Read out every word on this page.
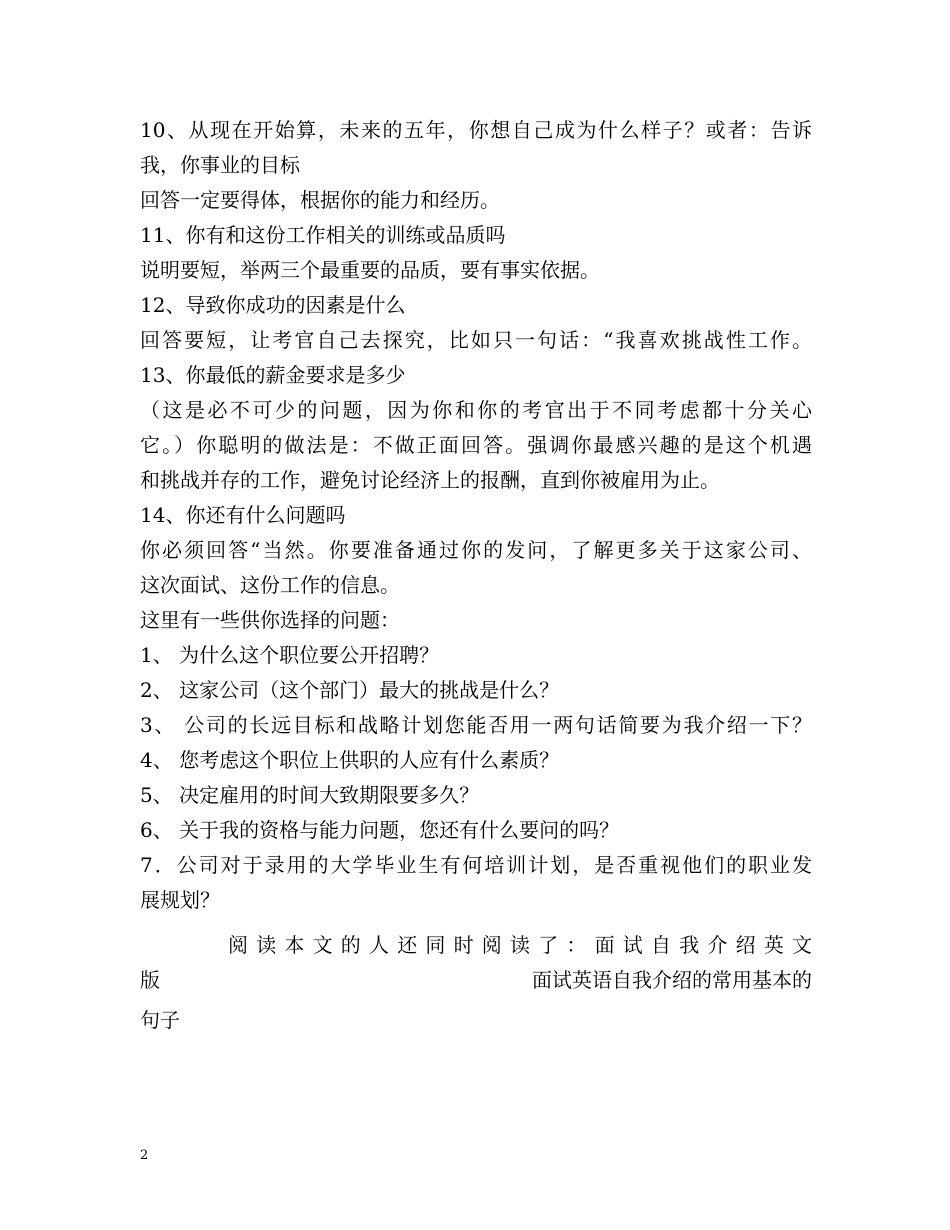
10、从现在开始算，未来的五年，你想自己成为什么样子？或者：告诉
我，你事业的目标
回答一定要得体，根据你的能力和经历。
11、你有和这份工作相关的训练或品质吗
说明要短，举两三个最重要的品质，要有事实依据。
12、导致你成功的因素是什么
回答要短，让考官自己去探究，比如只一句话：“我喜欢挑战性工作。
13、你最低的薪金要求是多少
（这是必不可少的问题，因为你和你的考官出于不同考虑都十分关心
它。）你聪明的做法是：不做正面回答。强调你最感兴趣的是这个机遇
和挑战并存的工作，避免讨论经济上的报酬，直到你被雇用为止。
14、你还有什么问题吗
你必须回答“当然。你要准备通过你的发问，了解更多关于这家公司、
这次面试、这份工作的信息。
这里有一些供你选择的问题：
1、 为什么这个职位要公开招聘？
2、 这家公司（这个部门）最大的挑战是什么？
3、 公司的长远目标和战略计划您能否用一两句话简要为我介绍一下？
4、 您考虑这个职位上供职的人应有什么素质？
5、 决定雇用的时间大致期限要多久？
6、 关于我的资格与能力问题，您还有什么要问的吗？
7．公司对于录用的大学毕业生有何培训计划，是否重视他们的职业发
展规划？
阅读本文的人还同时阅读了：面试自我介绍英文
版	面试英语自我介绍的常用基本的
句子
2
